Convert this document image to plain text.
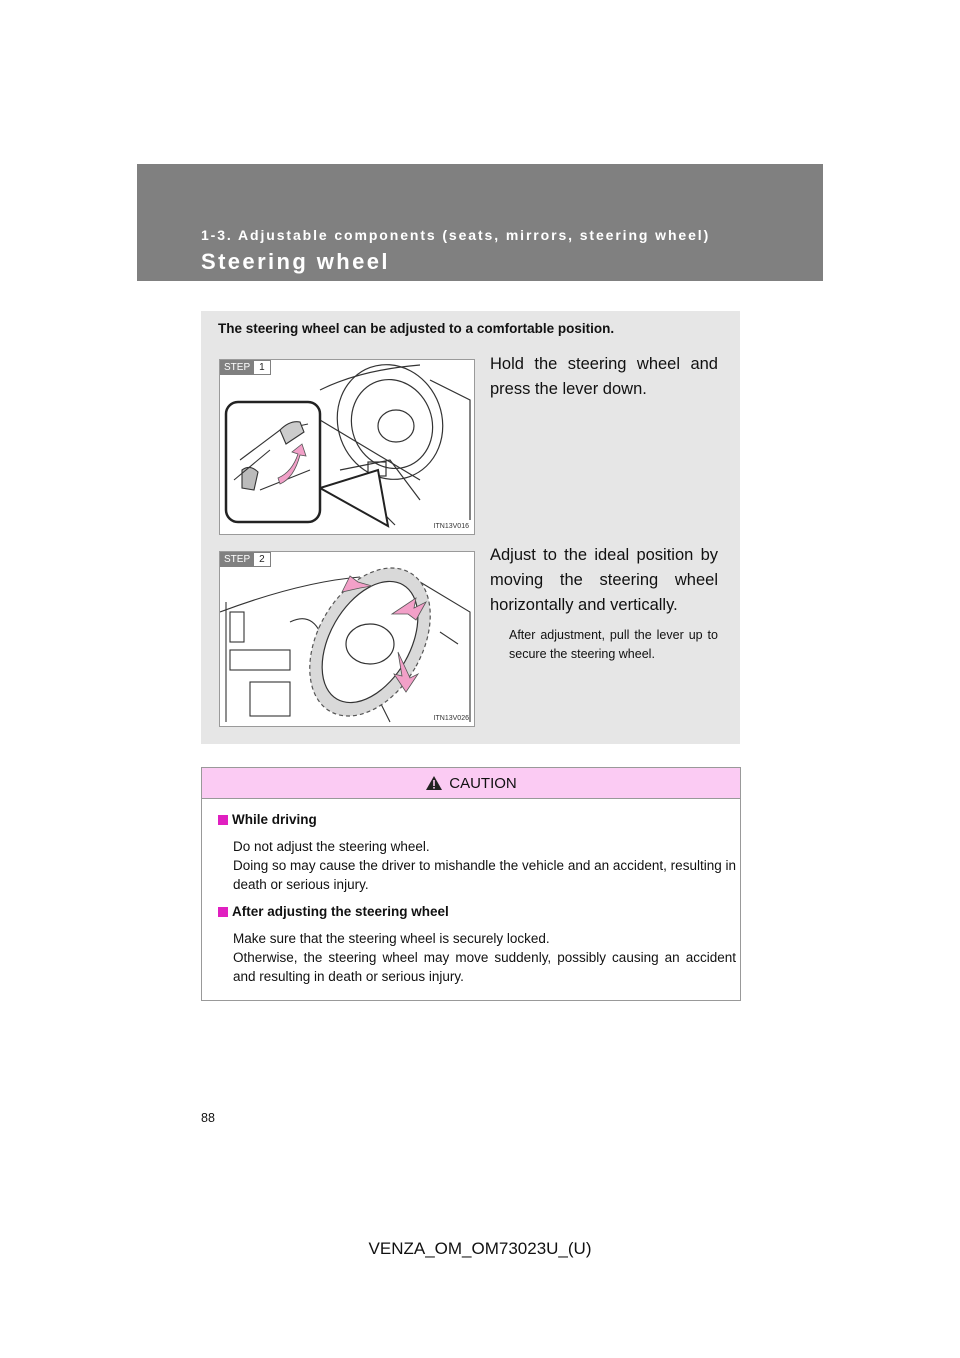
1-3. Adjustable components (seats, mirrors, steering wheel)
Steering wheel
The steering wheel can be adjusted to a comfortable position.
STEP 1
ITN13V016
Hold the steering wheel and press the lever down.
STEP 2
ITN13V026
Adjust to the ideal position by moving the steering wheel horizontally and vertically.
After adjustment, pull the lever up to secure the steering wheel.
CAUTION
While driving
Do not adjust the steering wheel.
Doing so may cause the driver to mishandle the vehicle and an accident, resulting in death or serious injury.
After adjusting the steering wheel
Make sure that the steering wheel is securely locked.
Otherwise, the steering wheel may move suddenly, possibly causing an accident and resulting in death or serious injury.
88
VENZA_OM_OM73023U_(U)
